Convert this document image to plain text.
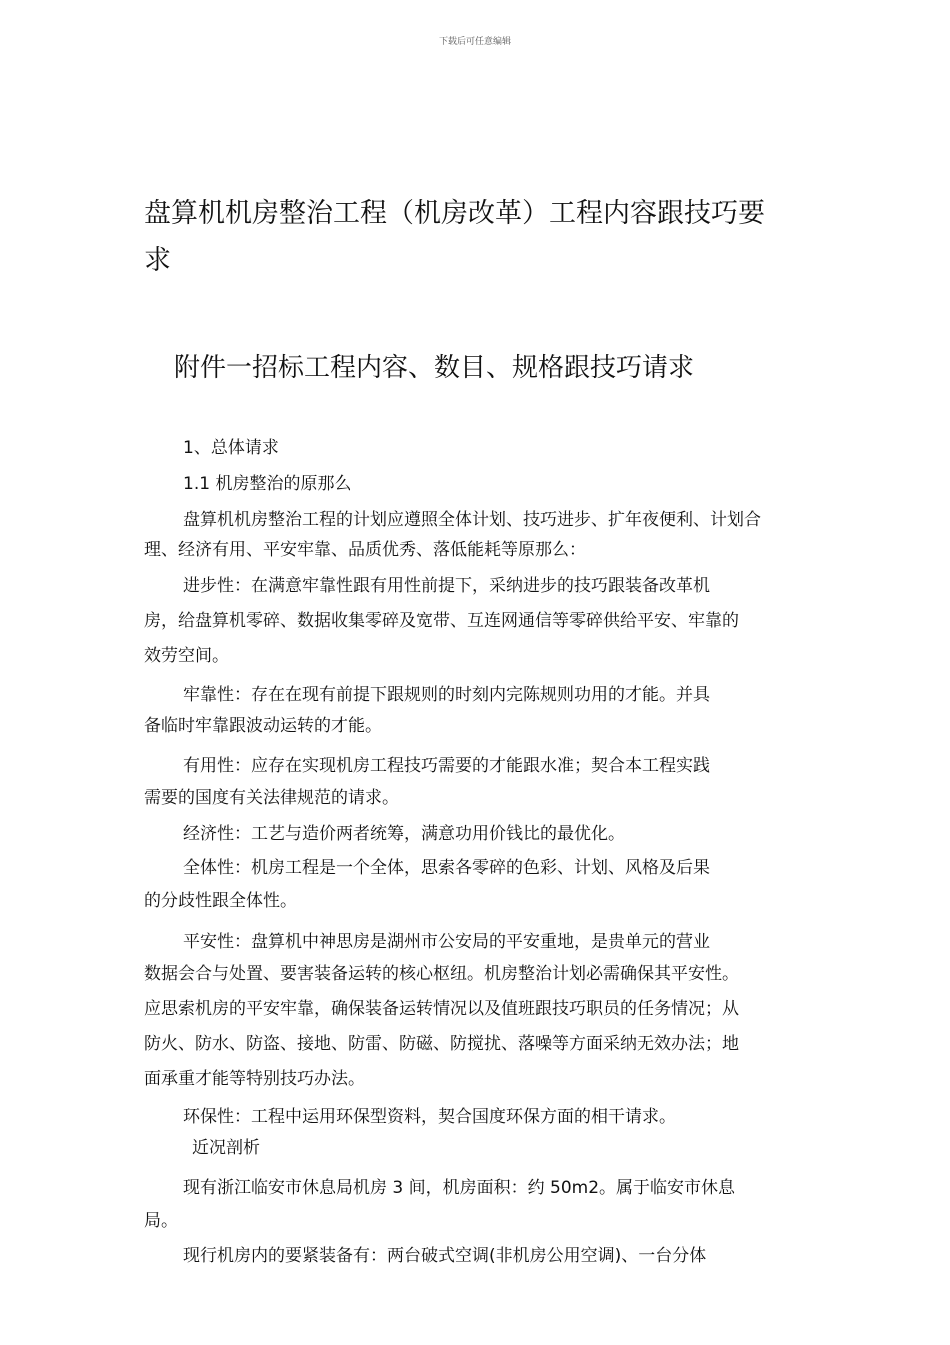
下载后可任意编辑
盘算机机房整治工程（机房改革）工程内容跟技巧要
求
附件一招标工程内容、数目、规格跟技巧请求

1、总体请求

1.1 机房整治的原那么

盘算机机房整治工程的计划应遵照全体计划、技巧进步、扩年夜便利、计划合

理、经济有用、平安牢靠、品质优秀、落低能耗等原那么：

进步性：在满意牢靠性跟有用性前提下，采纳进步的技巧跟装备改革机

房，给盘算机零碎、数据收集零碎及宽带、互连网通信等零碎供给平安、牢靠的

效劳空间。

牢靠性：存在在现有前提下跟规则的时刻内完陈规则功用的才能。并具

备临时牢靠跟波动运转的才能。

有用性：应存在实现机房工程技巧需要的才能跟水准；契合本工程实践

需要的国度有关法律规范的请求。

经济性：工艺与造价两者统筹，满意功用价钱比的最优化。

全体性：机房工程是一个全体，思索各零碎的色彩、计划、风格及后果

的分歧性跟全体性。

平安性：盘算机中神思房是湖州市公安局的平安重地，是贵单元的营业

数据会合与处置、要害装备运转的核心枢纽。机房整治计划必需确保其平安性。

应思索机房的平安牢靠，确保装备运转情况以及值班跟技巧职员的任务情况；从

防火、防水、防盗、接地、防雷、防磁、防搅扰、落噪等方面采纳无效办法；地

面承重才能等特别技巧办法。

环保性：工程中运用环保型资料，契合国度环保方面的相干请求。

近况剖析

现有浙江临安市休息局机房 3 间，机房面积：约 50m2。属于临安市休息

局。

现行机房内的要紧装备有：两台破式空调(非机房公用空调)、一台分体
